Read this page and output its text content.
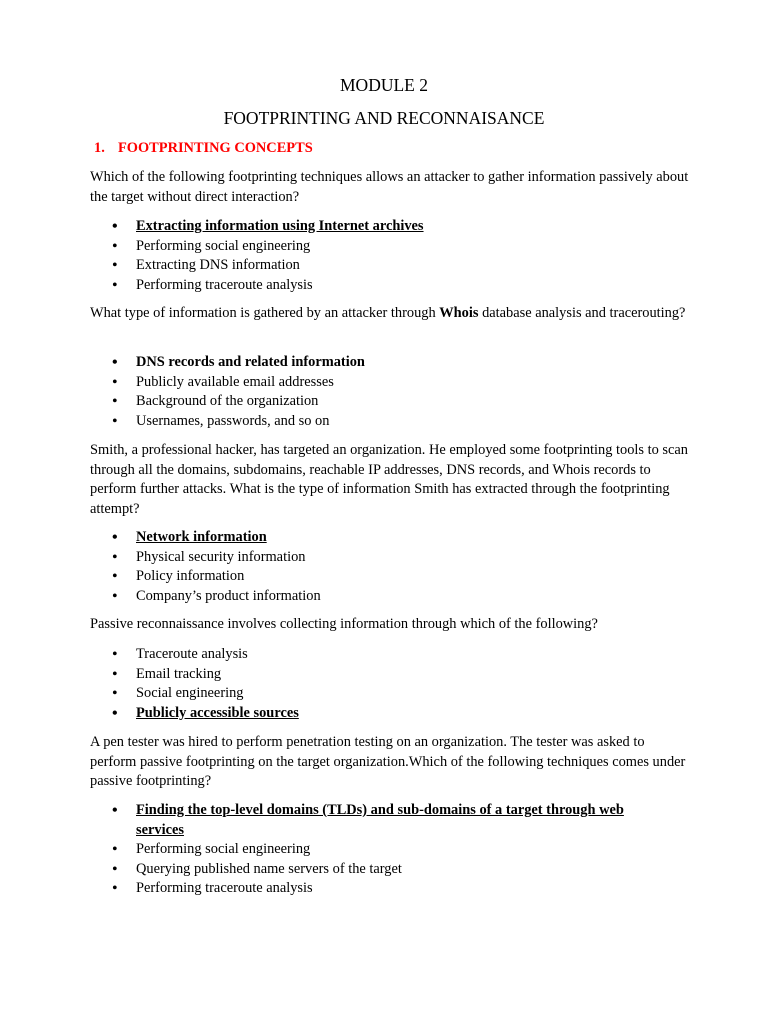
MODULE 2
FOOTPRINTING AND RECONNAISANCE
1. FOOTPRINTING CONCEPTS

Which of the following footprinting techniques allows an attacker to gather information passively about the target without direct interaction?

• Extracting information using Internet archives
• Performing social engineering
• Extracting DNS information
• Performing traceroute analysis

What type of information is gathered by an attacker through Whois database analysis and tracerouting?

• DNS records and related information
• Publicly available email addresses
• Background of the organization
• Usernames, passwords, and so on

Smith, a professional hacker, has targeted an organization. He employed some footprinting tools to scan through all the domains, subdomains, reachable IP addresses, DNS records, and Whois records to perform further attacks. What is the type of information Smith has extracted through the footprinting attempt?

• Network information
• Physical security information
• Policy information
• Company’s product information

Passive reconnaissance involves collecting information through which of the following?

• Traceroute analysis
• Email tracking
• Social engineering
• Publicly accessible sources

A pen tester was hired to perform penetration testing on an organization. The tester was asked to perform passive footprinting on the target organization.Which of the following techniques comes under passive footprinting?

• Finding the top-level domains (TLDs) and sub-domains of a target through web services
• Performing social engineering
• Querying published name servers of the target
• Performing traceroute analysis
